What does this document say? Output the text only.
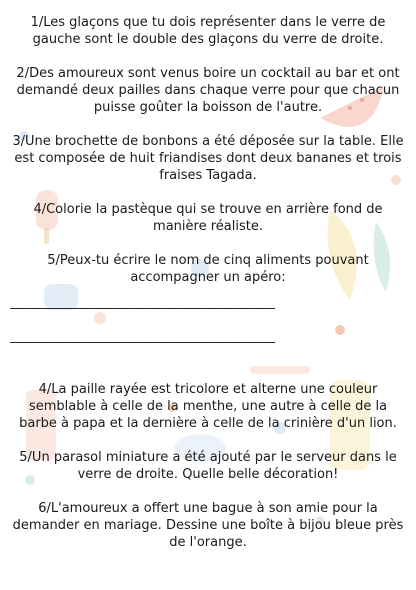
1/Les glaçons que tu dois représenter dans le verre de gauche sont le double des glaçons du verre de droite.

2/Des amoureux sont venus boire un cocktail au bar et ont demandé deux pailles dans chaque verre pour que chacun puisse goûter la boisson de l'autre.

3/Une brochette de bonbons a été déposée sur la table. Elle est composée de huit friandises dont deux bananes et trois fraises Tagada.

4/Colorie la pastèque qui se trouve en arrière fond de manière réaliste.

5/Peux-tu écrire le nom de cinq aliments pouvant accompagner un apéro:

________________________________________________
________________________________________________

4/La paille rayée est tricolore et alterne une couleur semblable à celle de la menthe, une autre à celle de la barbe à papa et la dernière à celle de la crinière d'un lion.

5/Un parasol miniature a été ajouté par le serveur dans le verre de droite. Quelle belle décoration!

6/L'amoureux a offert une bague à son amie pour la demander en mariage. Dessine une boîte à bijou bleue près de l'orange.
